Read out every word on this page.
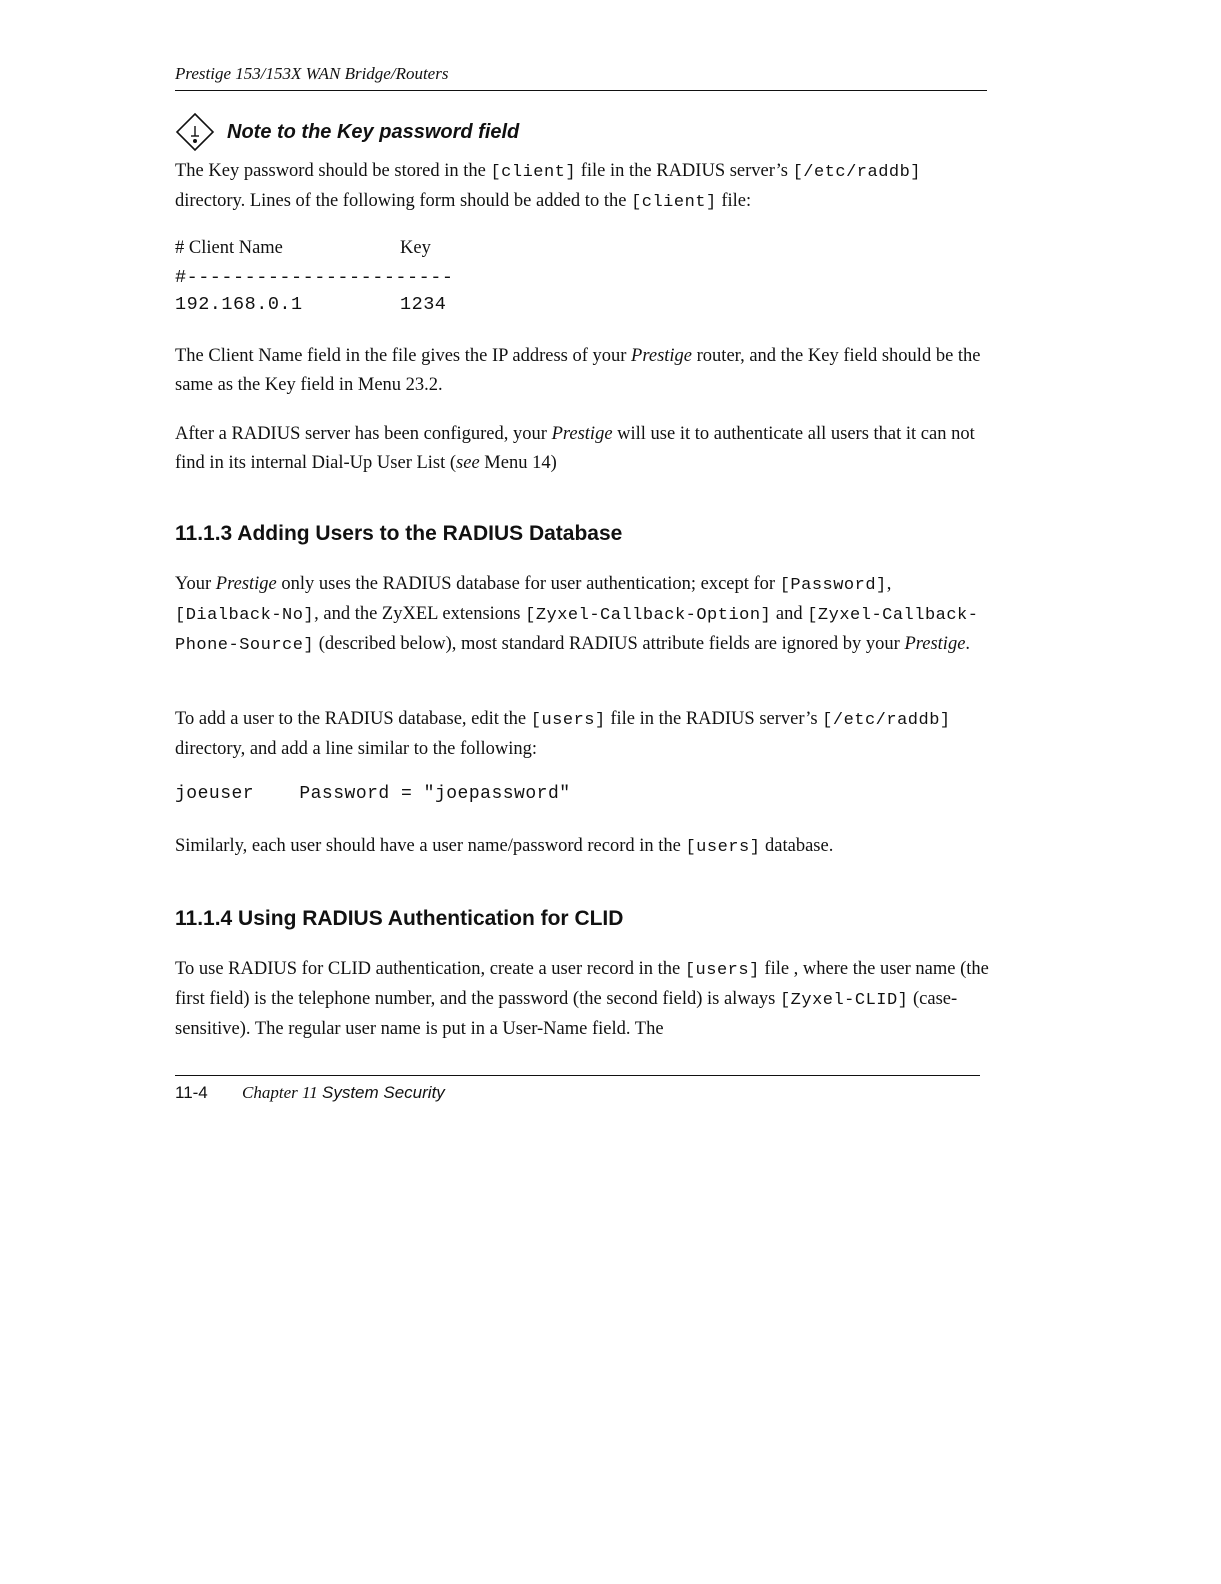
Prestige 153/153X WAN Bridge/Routers
Note to the Key password field

The Key password should be stored in the [client] file in the RADIUS server’s [/etc/raddb] directory. Lines of the following form should be added to the [client] file:

# Client Name	Key
#-----------------------
192.168.0.1	1234

The Client Name field in the file gives the IP address of your Prestige router, and the Key field should be the same as the Key field in Menu 23.2.

After a RADIUS server has been configured, your Prestige will use it to authenticate all users that it can not find in its internal Dial-Up User List (see Menu 14)

11.1.3 Adding Users to the RADIUS Database

Your Prestige only uses the RADIUS database for user authentication; except for [Password], [Dialback-No], and the ZyXEL extensions [Zyxel-Callback-Option] and [Zyxel-Callback-Phone-Source] (described below), most standard RADIUS attribute fields are ignored by your Prestige.

To add a user to the RADIUS database, edit the [users] file in the RADIUS server’s [/etc/raddb] directory, and add a line similar to the following:

joeuser    Password = "joepassword"

Similarly, each user should have a user name/password record in the [users] database.

11.1.4 Using RADIUS Authentication for CLID

To use RADIUS for CLID authentication, create a user record in the [users] file , where the user name (the first field) is the telephone number, and the password (the second field) is always [Zyxel-CLID] (case-sensitive). The regular user name is put in a User-Name field. The

11-4 Chapter 11 System Security
